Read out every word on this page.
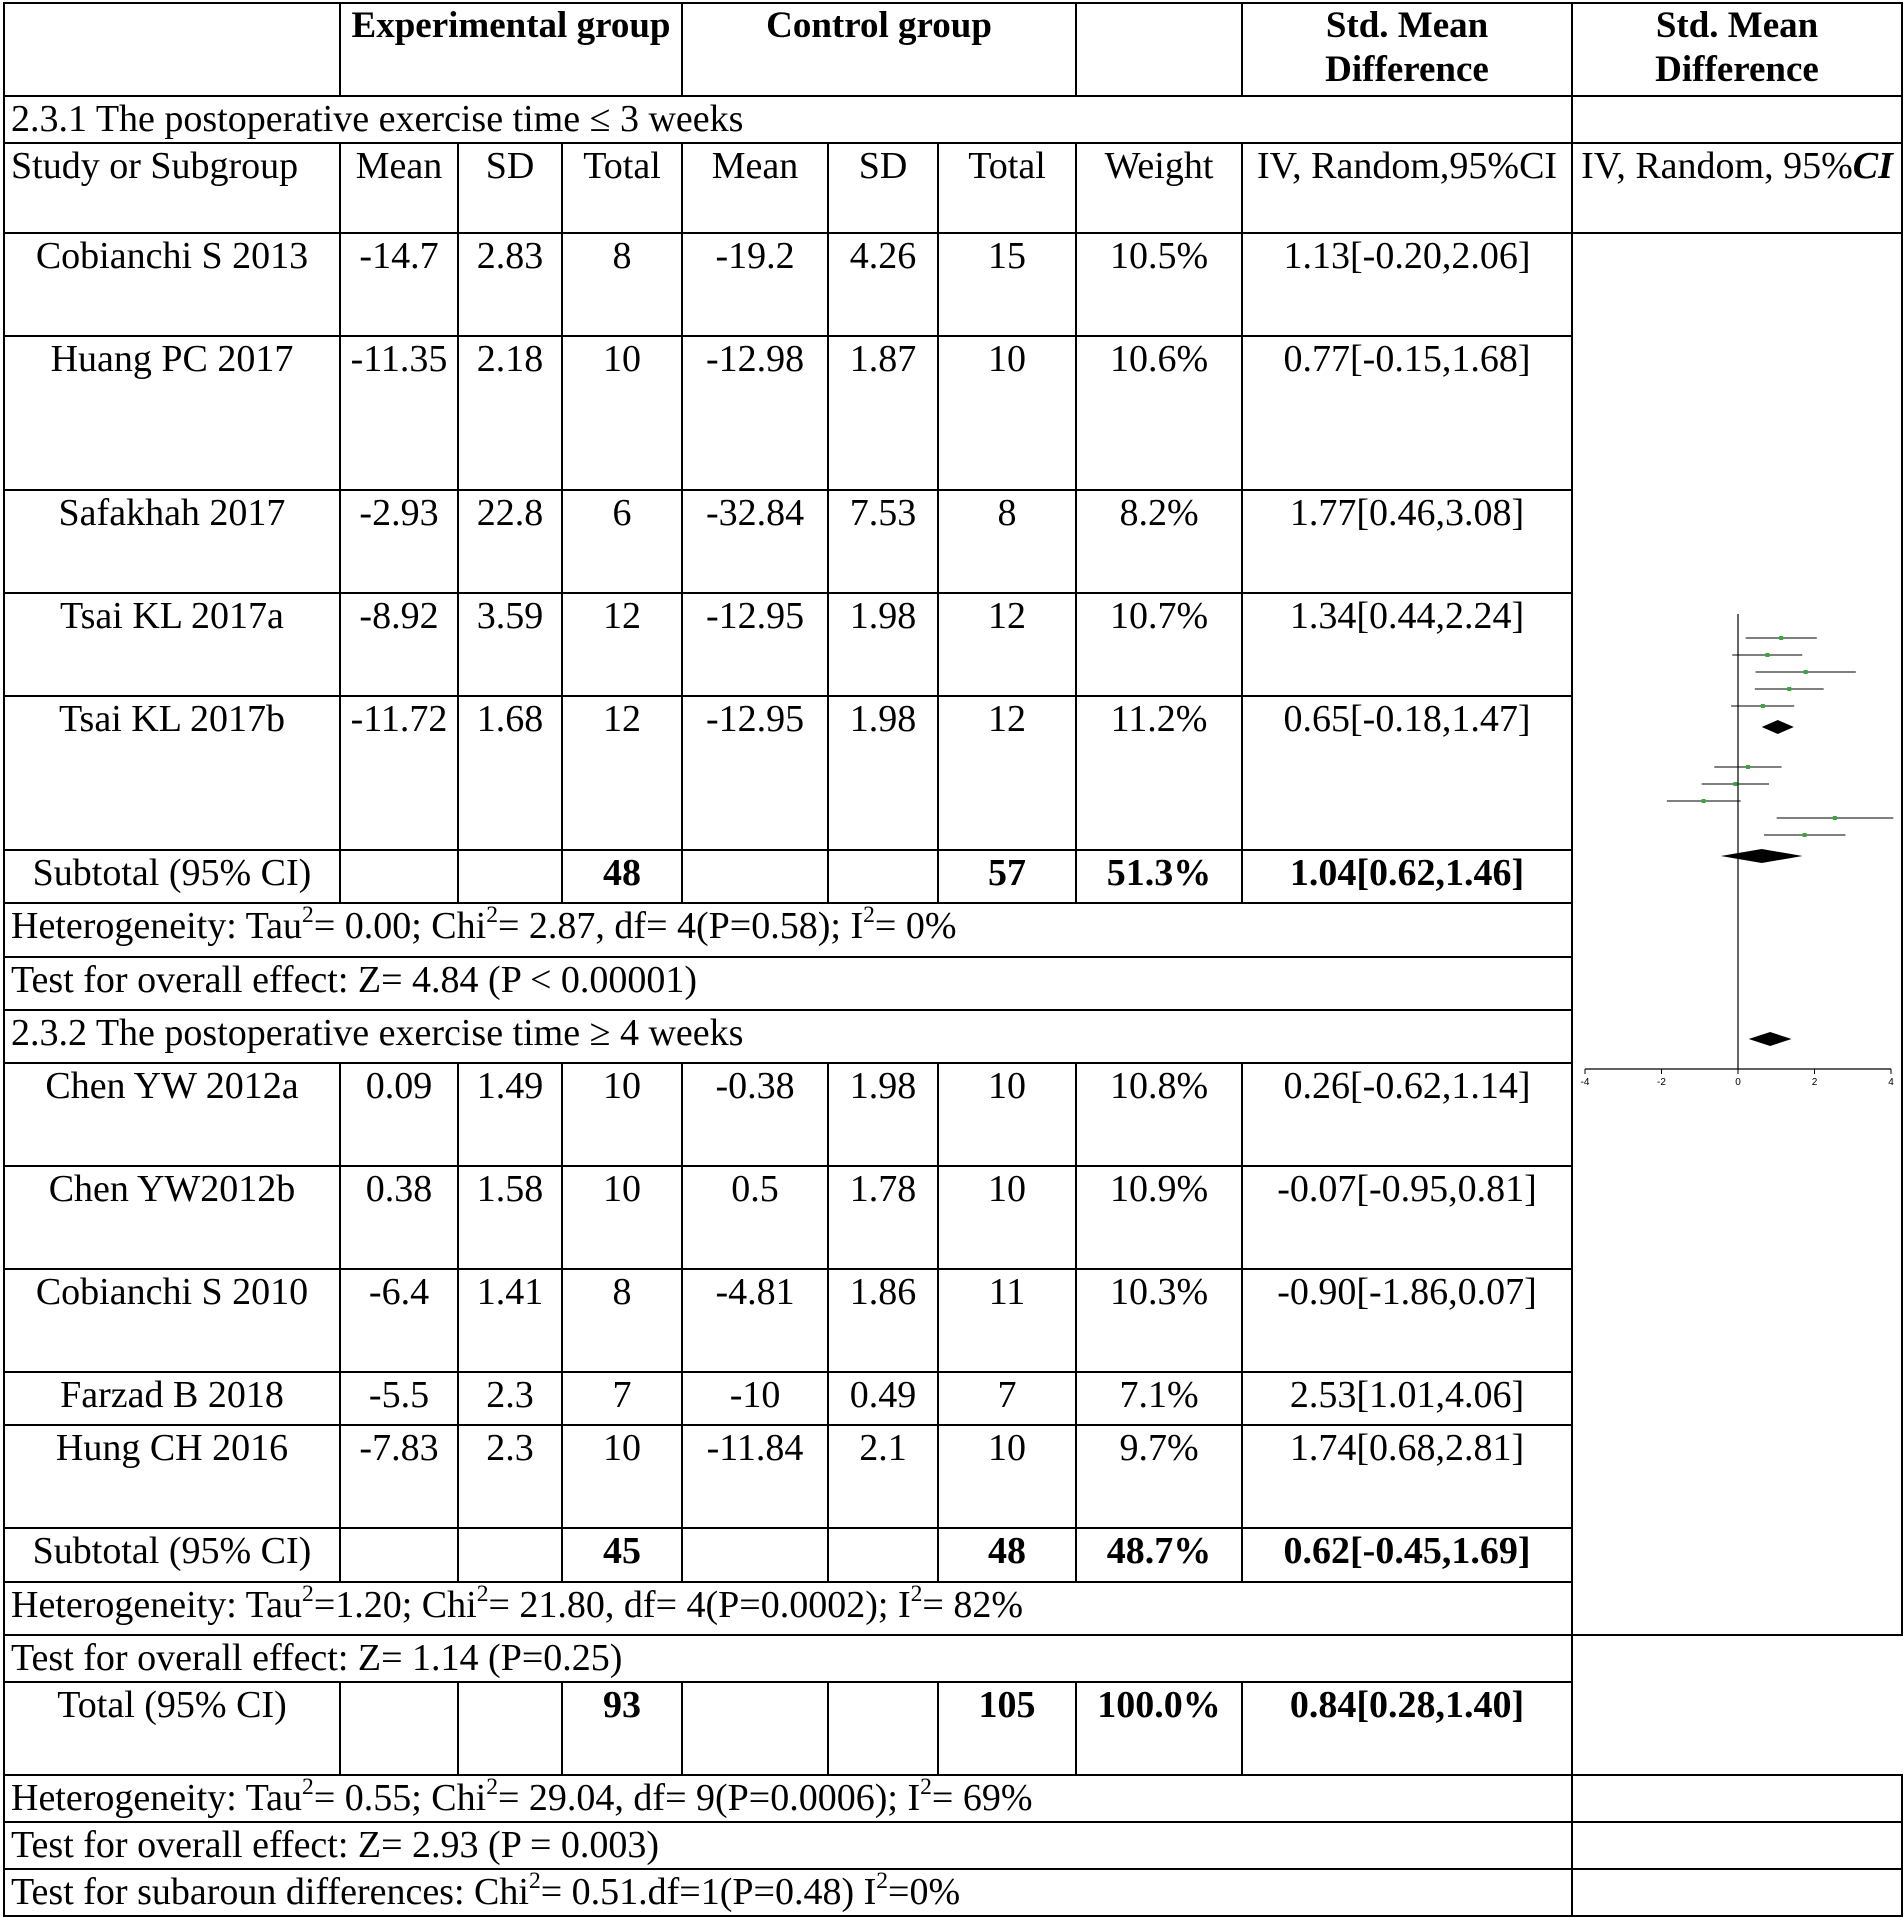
	Experimental group			Control group				Std. Mean Difference	Std. Mean Difference
2.3.1 The postoperative exercise time ≤ 3 weeks									
Study or Subgroup	Mean	SD	Total	Mean	SD	Total	Weight	IV, Random,95%CI	IV, Random, 95%CI
Cobianchi S 2013	-14.7	2.83	8	-19.2	4.26	15	10.5%	1.13[-0.20,2.06]	-4 -2 0 2 4

Huang PC 2017	-11.35	2.18	10	-12.98	1.87	10	10.6%	0.77[-0.15,1.68]	
Safakhah 2017	-2.93	22.8	6	-32.84	7.53	8	8.2%	1.77[0.46,3.08]	
Tsai KL 2017a	-8.92	3.59	12	-12.95	1.98	12	10.7%	1.34[0.44,2.24]	
Tsai KL 2017b	-11.72	1.68	12	-12.95	1.98	12	11.2%	0.65[-0.18,1.47]	
Subtotal (95% CI)			48			57	51.3%	1.04[0.62,1.46]	
Heterogeneity: Tau$^2$= 0.00; Chi$^2$= 2.87, df= 4(P=0.58); $I^2= 0\%$									
Test for overall effect: Z= 4.84 (P < 0.00001)									
2.3.2 The postoperative exercise time ≥ 4 weeks									
Chen YW 2012a	0.09	1.49	10	-0.38	1.98	10	10.8%	0.26[-0.62,1.14]	
Chen YW2012b	0.38	1.58	10	0.5	1.78	10	10.9%	-0.07[-0.95,0.81]	
Cobianchi S 2010	-6.4	1.41	8	-4.81	1.86	11	10.3%	-0.90[-1.86,0.07]	
Farzad B 2018	-5.5	2.3	7	-10	0.49	7	7.1%	2.53[1.01,4.06]	
Hung CH 2016	-7.83	2.3	10	-11.84	2.1	10	9.7%	1.74[0.68,2.81]	
Subtotal (95% CI)			45			48	48.7%	0.62[-0.45,1.69]	
Heterogeneity: Tau$^2$=1.20; Chi$^2$= 21.80, df= 4(P=0.0002); $I^2= 82\%$									
Test for overall effect: Z= 1.14 (P=0.25)									
Total (95% CI)			93			105	100.0%	0.84[0.28,1.40]	
Heterogeneity: Tau$^2$= 0.55; Chi$^2$= 29.04, df= 9(P=0.0006); $I^2= 69\%$									
Test for overall effect: Z= 2.93 (P = 0.003)									
Test for subaroun differences: Chi$^2$= 0.51.df=1(P=0.48) $I^2=0\%$									
